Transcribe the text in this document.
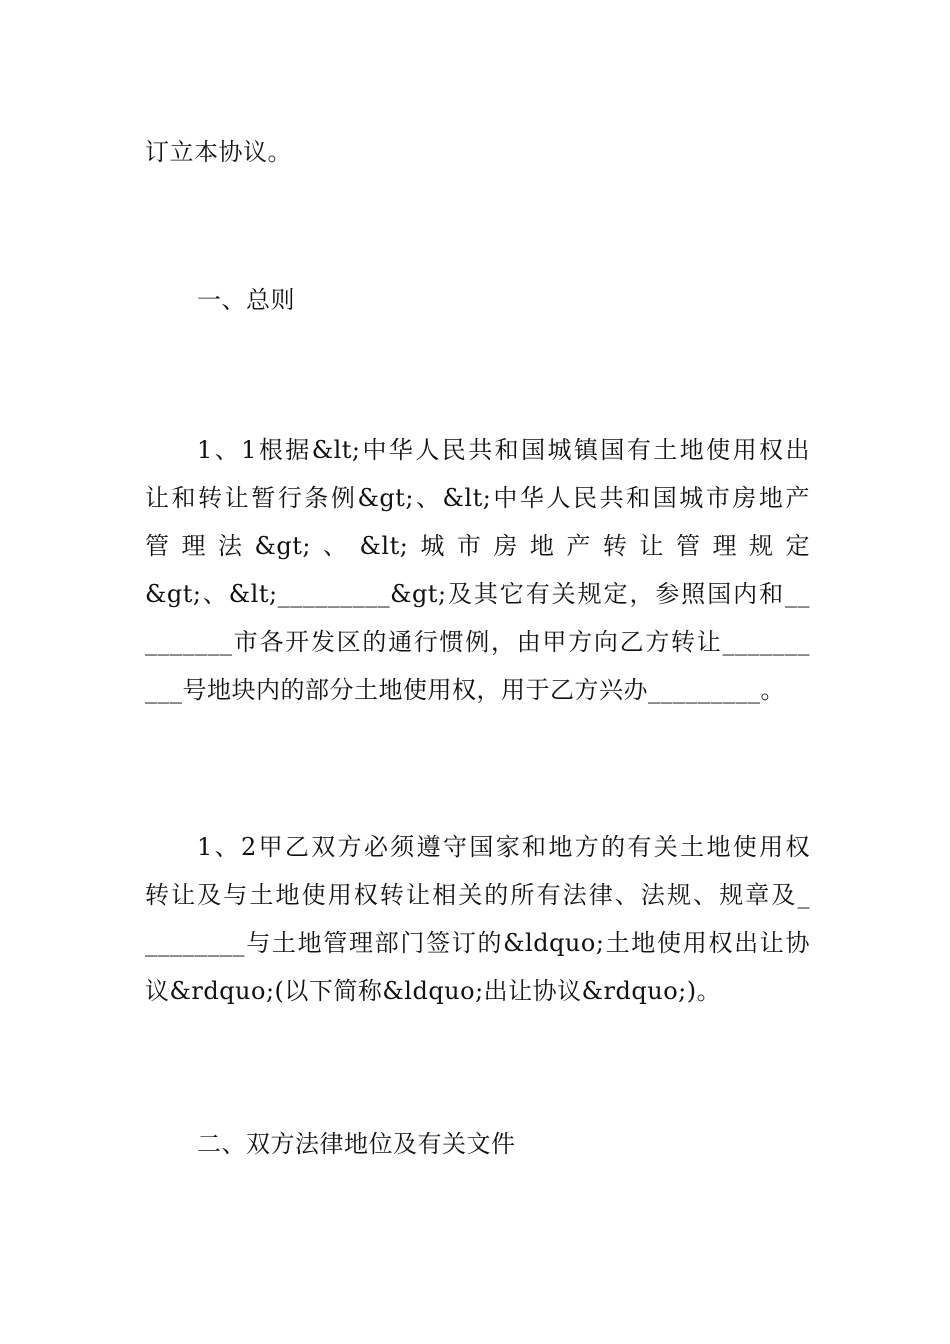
订立本协议。
一、总则
1、1根据&lt;中华人民共和国城镇国有土地使用权出
让和转让暂行条例&gt;、&lt;中华人民共和国城市房地产
管理法&gt;、&lt;城市房地产转让管理规定
&gt;、&lt;_________&gt;及其它有关规定，参照国内和__
_______市各开发区的通行惯例，由甲方向乙方转让_______
___号地块内的部分土地使用权，用于乙方兴办_________。
1、2甲乙双方必须遵守国家和地方的有关土地使用权
转让及与土地使用权转让相关的所有法律、法规、规章及_
________与土地管理部门签订的&ldquo;土地使用权出让协
议&rdquo;(以下简称&ldquo;出让协议&rdquo;)。
二、双方法律地位及有关文件
